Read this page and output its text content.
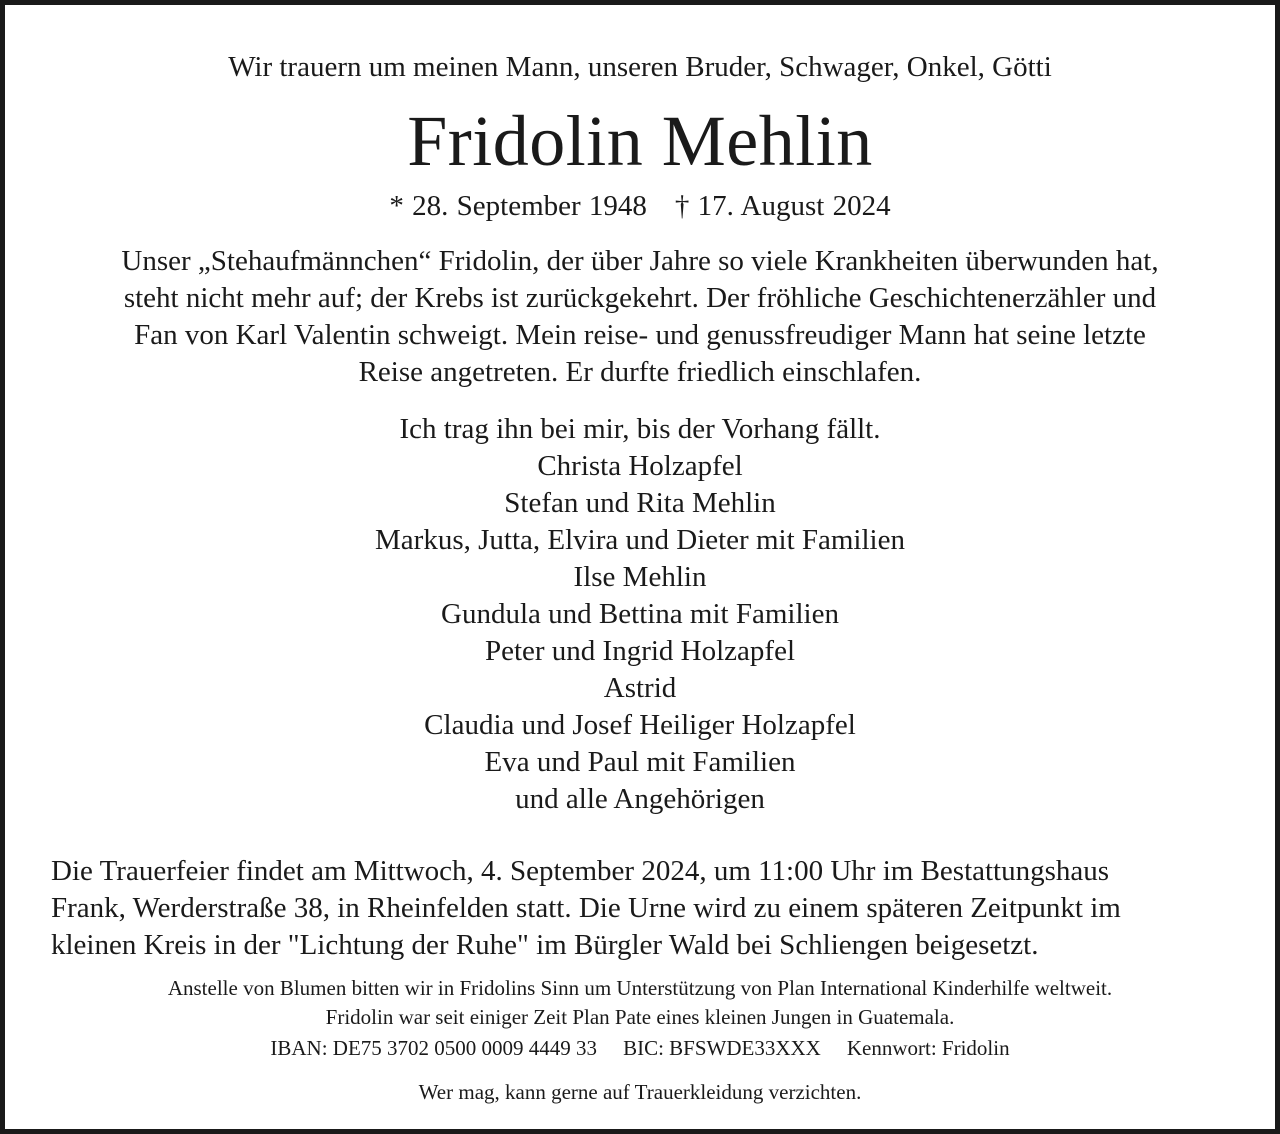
Wir trauern um meinen Mann, unseren Bruder, Schwager, Onkel, Götti
Fridolin Mehlin
* 28. September 1948 † 17. August 2024
Unser „Stehaufmännchen“ Fridolin, der über Jahre so viele Krankheiten überwunden hat,
steht nicht mehr auf; der Krebs ist zurückgekehrt. Der fröhliche Geschichtenerzähler und
Fan von Karl Valentin schweigt. Mein reise- und genussfreudiger Mann hat seine letzte
Reise angetreten. Er durfte friedlich einschlafen.
Ich trag ihn bei mir, bis der Vorhang fällt.
Christa Holzapfel
Stefan und Rita Mehlin
Markus, Jutta, Elvira und Dieter mit Familien
Ilse Mehlin
Gundula und Bettina mit Familien
Peter und Ingrid Holzapfel
Astrid
Claudia und Josef Heiliger Holzapfel
Eva und Paul mit Familien
und alle Angehörigen
Die Trauerfeier findet am Mittwoch, 4. September 2024, um 11:00 Uhr im Bestattungshaus
Frank, Werderstraße 38, in Rheinfelden statt. Die Urne wird zu einem späteren Zeitpunkt im
kleinen Kreis in der "Lichtung der Ruhe" im Bürgler Wald bei Schliengen beigesetzt.
Anstelle von Blumen bitten wir in Fridolins Sinn um Unterstützung von Plan International Kinderhilfe weltweit.
Fridolin war seit einiger Zeit Plan Pate eines kleinen Jungen in Guatemala.
IBAN: DE75 3702 0500 0009 4449 33 BIC: BFSWDE33XXX Kennwort: Fridolin
Wer mag, kann gerne auf Trauerkleidung verzichten.
